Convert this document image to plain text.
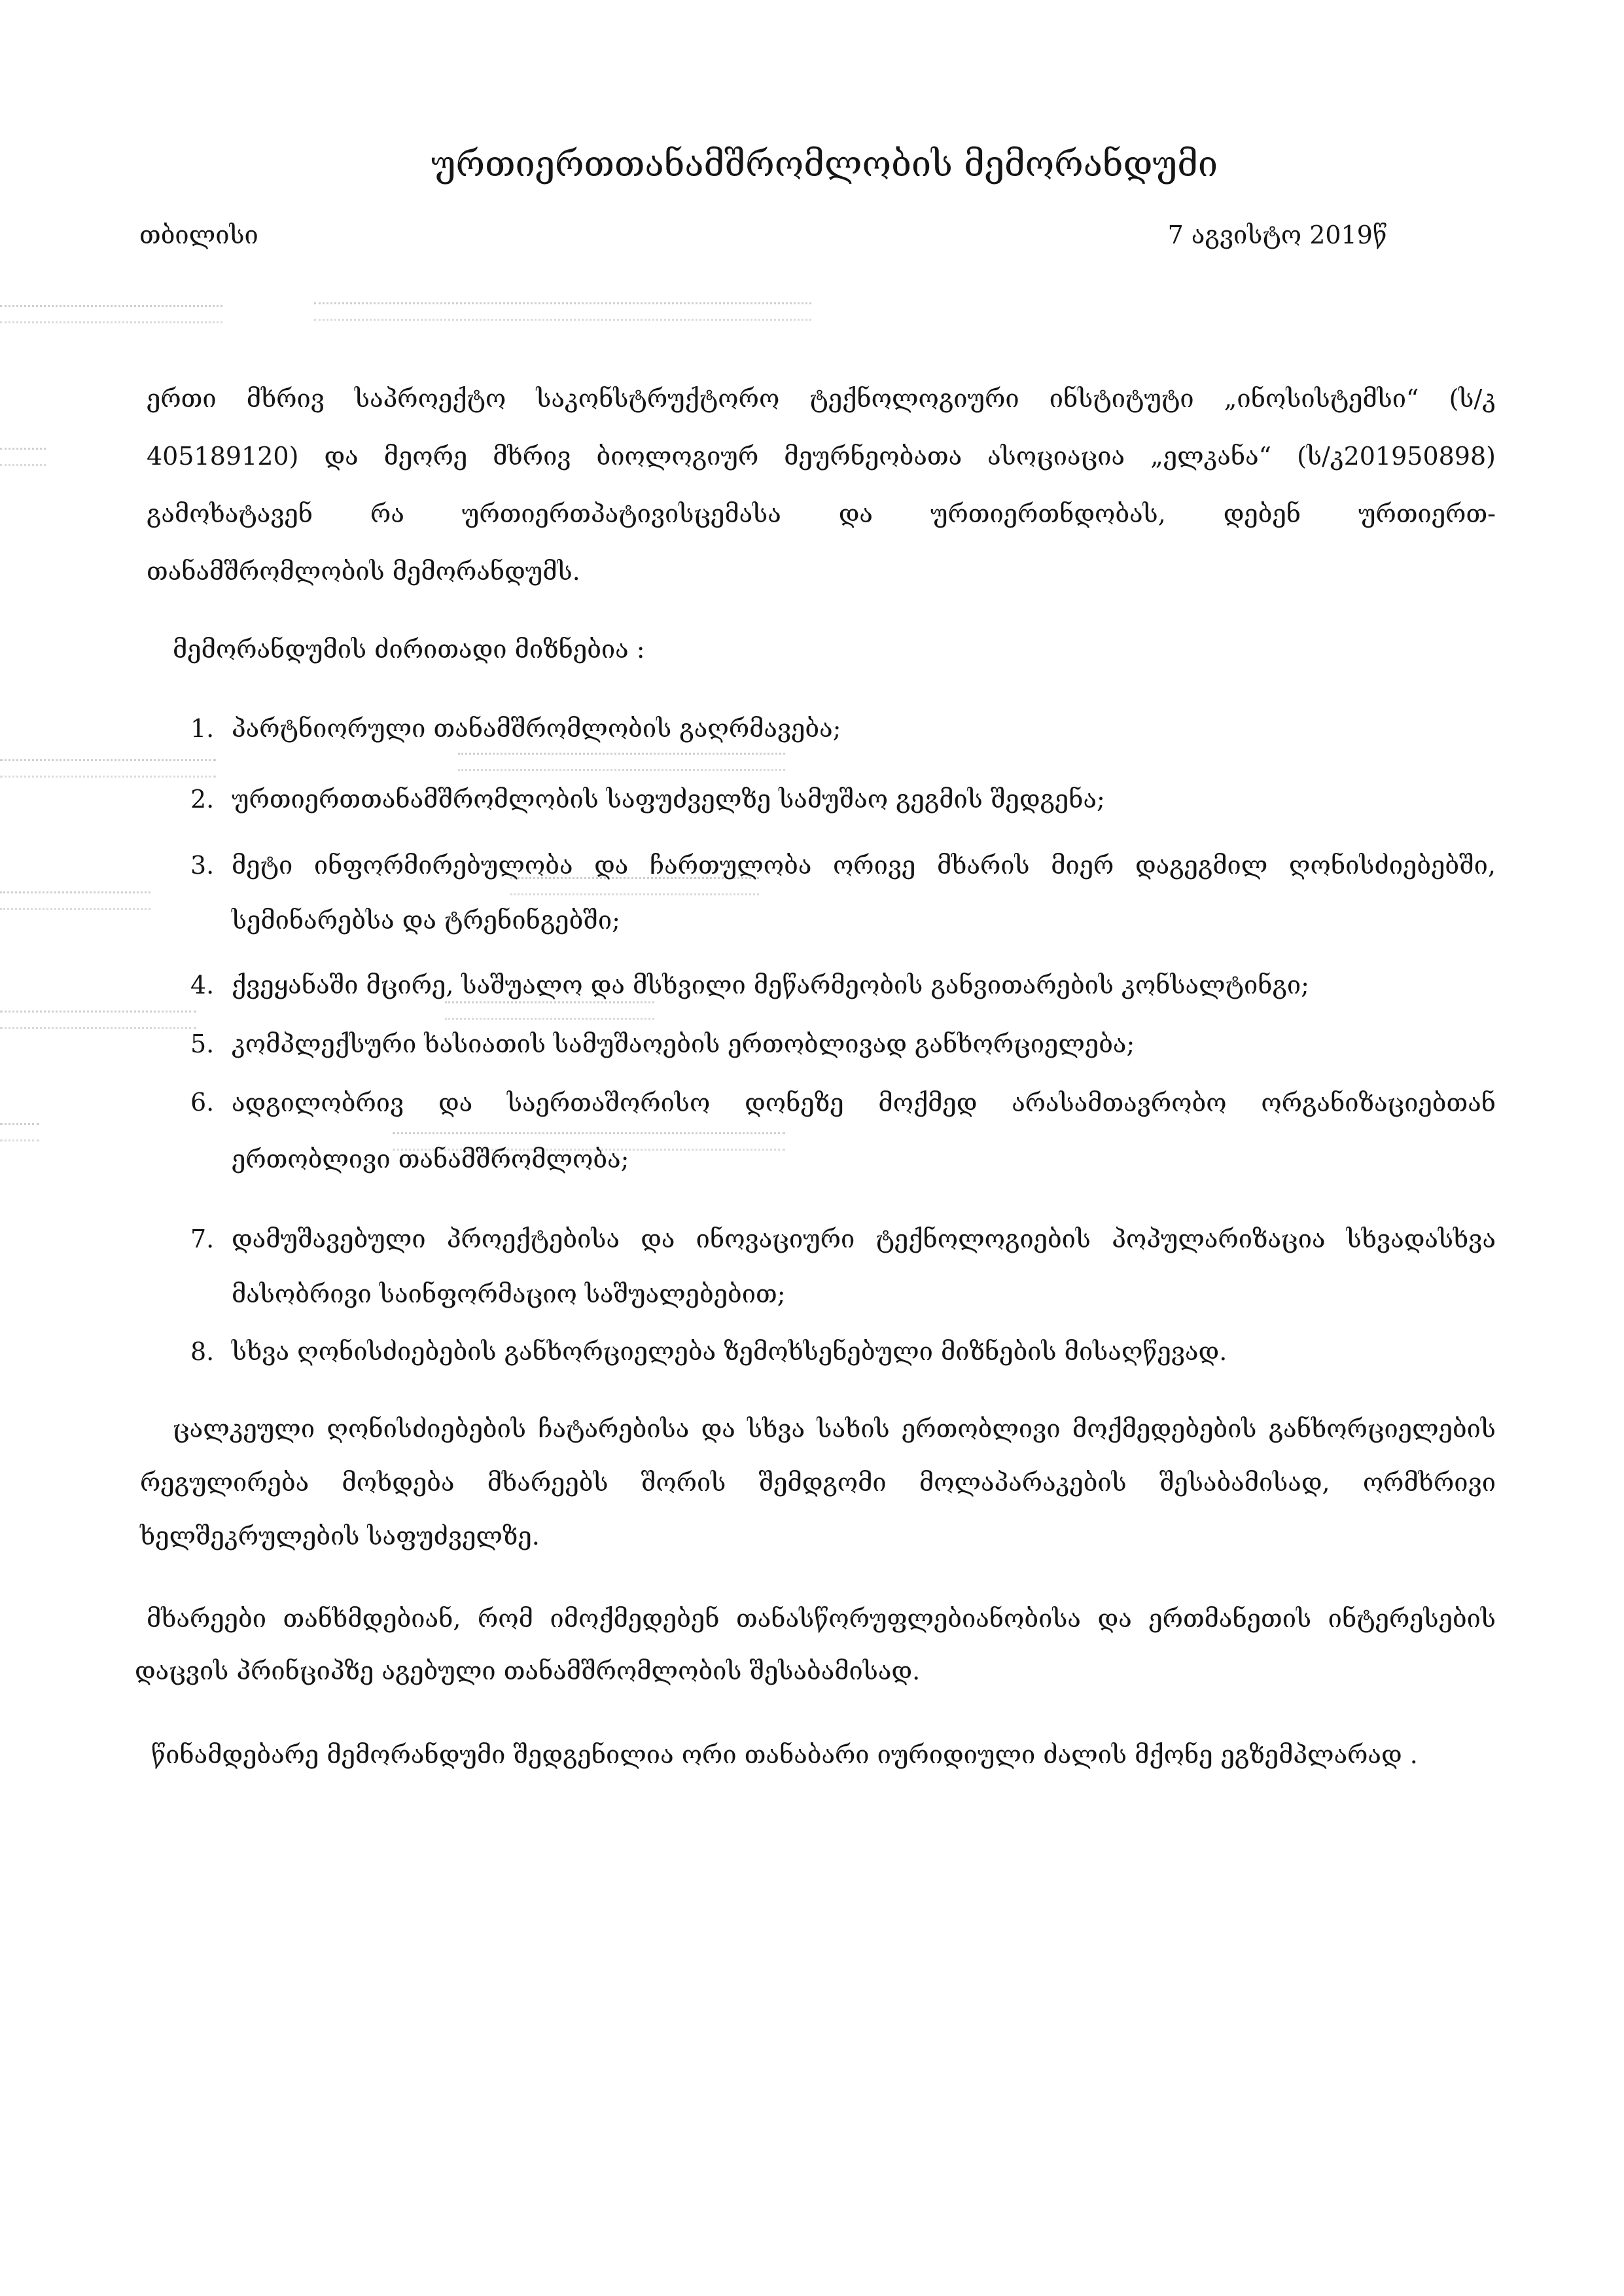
ურთიერთთანამშრომლობის მემორანდუმი
თბილისი	7 აგვისტო 2019წ
ერთი მხრივ საპროექტო საკონსტრუქტორო ტექნოლოგიური ინსტიტუტი „ინოსისტემსი“ (ს/კ
405189120) და მეორე მხრივ ბიოლოგიურ მეურნეობათა ასოციაცია „ელკანა“ (ს/კ201950898)
გამოხატავენ რა ურთიერთპატივისცემასა და ურთიერთნდობას, დებენ ურთიერთ-
თანამშრომლობის მემორანდუმს.
მემორანდუმის ძირითადი მიზნებია :
1. პარტნიორული თანამშრომლობის გაღრმავება;
2. ურთიერთთანამშრომლობის საფუძველზე სამუშაო გეგმის შედგენა;
3. მეტი ინფორმირებულობა და ჩართულობა ორივე მხარის მიერ დაგეგმილ ღონისძიებებში,
სემინარებსა და ტრენინგებში;
4. ქვეყანაში მცირე, საშუალო და მსხვილი მეწარმეობის განვითარების კონსალტინგი;
5. კომპლექსური ხასიათის სამუშაოების ერთობლივად განხორციელება;
6. ადგილობრივ და საერთაშორისო დონეზე მოქმედ არასამთავრობო ორგანიზაციებთან
ერთობლივი თანამშრომლობა;
7. დამუშავებული პროექტებისა და ინოვაციური ტექნოლოგიების პოპულარიზაცია სხვადასხვა
მასობრივი საინფორმაციო საშუალებებით;
8. სხვა ღონისძიებების განხორციელება ზემოხსენებული მიზნების მისაღწევად.
ცალკეული ღონისძიებების ჩატარებისა და სხვა სახის ერთობლივი მოქმედებების განხორციელების
რეგულირება მოხდება მხარეებს შორის შემდგომი მოლაპარაკების შესაბამისად, ორმხრივი
ხელშეკრულების საფუძველზე.
მხარეები თანხმდებიან, რომ იმოქმედებენ თანასწორუფლებიანობისა და ერთმანეთის ინტერესების
დაცვის პრინციპზე აგებული თანამშრომლობის შესაბამისად.
წინამდებარე მემორანდუმი შედგენილია ორი თანაბარი იურიდიული ძალის მქონე ეგზემპლარად .
